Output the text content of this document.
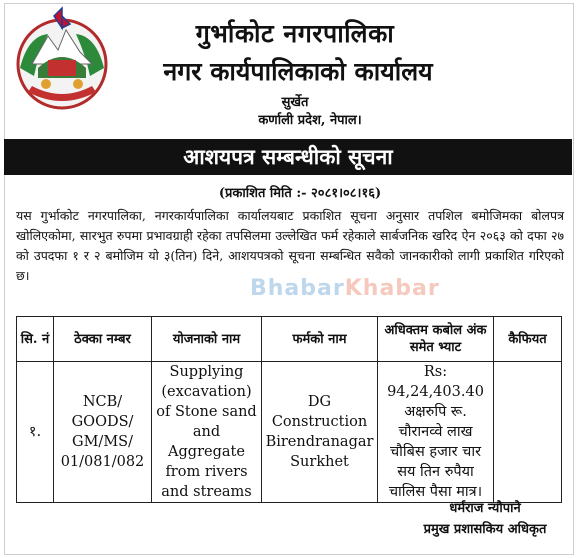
गुर्भाकोट नगरपालिका
नगर कार्यपालिकाको कार्यालय
सुर्खेत
कर्णाली प्रदेश, नेपाल।
आशयपत्र सम्बन्धीको सूचना
(प्रकाशित मिति :- २०८१।०८।१६)
यस गुर्भाकोट नगरपालिका, नगरकार्यपालिका कार्यालयबाट प्रकाशित सूचना अनुसार तपशिल बमोजिमका बोलपत्र खोलिएकोमा, सारभुत रुपमा प्रभावग्राही रहेका तपसिलमा उल्लेखित फर्म रहेकाले सार्बजनिक खरिद ऐन २०६३ को दफा २७ को उपदफा १ र २ बमोजिम यो ३(तिन) दिने, आशयपत्रको सूचना सम्बन्धित सवैको जानकारीको लागी प्रकाशित गरिएको छ।
BhabarKhabar
सि. नं	ठेक्का नम्बर	योजनाको नाम	फर्मको नाम	अधिक्तम कबोल अंक समेत भ्याट	कैफियत
१.	NCB/ GOODS/ GM/MS/ 01/081/082	Supplying (excavation) of Stone sand and Aggregate from rivers and streams	DG Construction Birendranagar Surkhet	Rs: 94,24,403.40 अक्षरुपि रू. चौरानव्वे लाख चौबिस हजार चार सय तिन रुपैया चालिस पैसा मात्र।	
धर्मराज न्यौपाने
प्रमुख प्रशासकिय अधिकृत
